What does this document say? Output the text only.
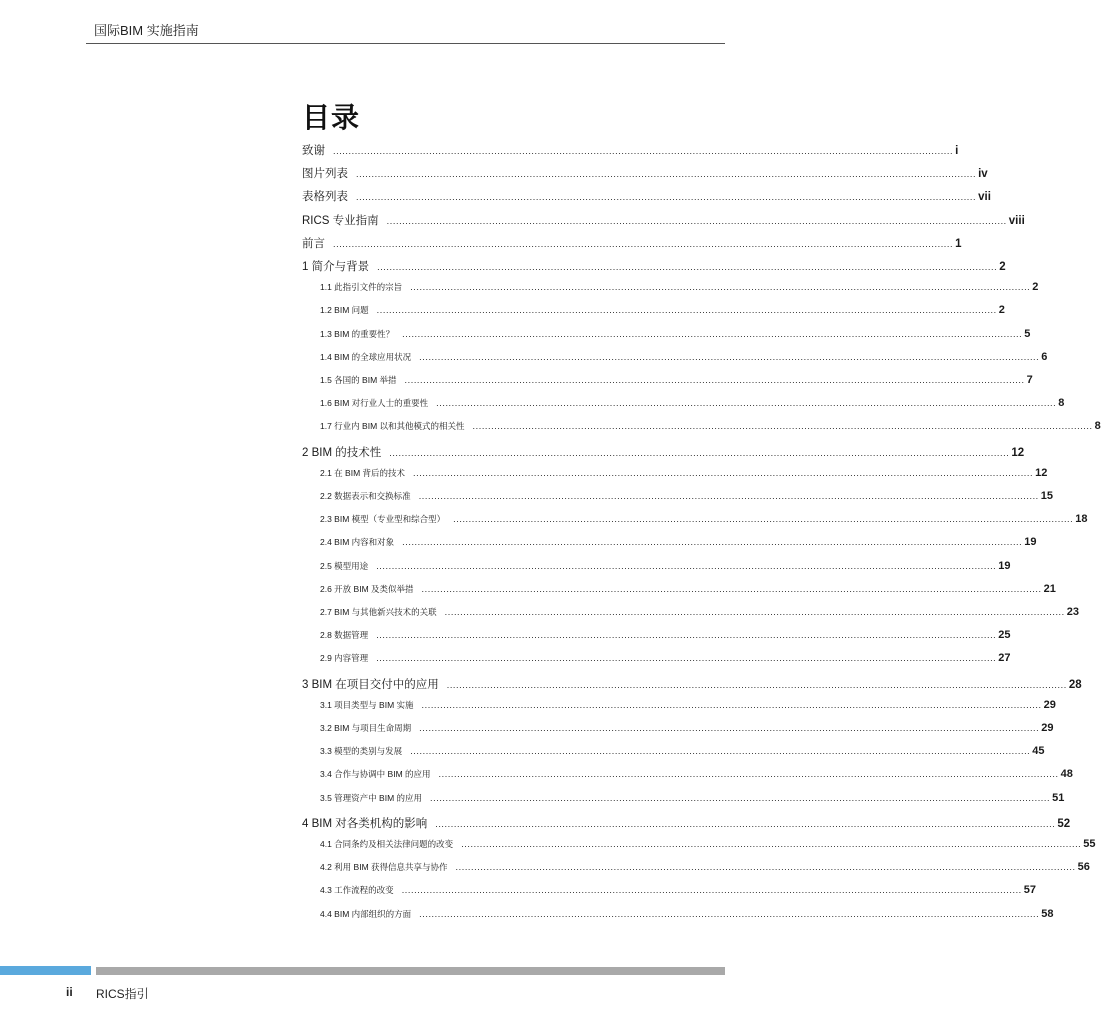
国际BIM 实施指南
目录
致谢 ........................................................................................................................................................................................................ i
图片列表 ........................................................................................................................................................................................................ iv
表格列表 ........................................................................................................................................................................................................ vii
RICS 专业指南 ........................................................................................................................................................................................................ viii
前言 ........................................................................................................................................................................................................ 1
1 简介与背景 ........................................................................................................................................................................................................ 2
1.1 此指引文件的宗旨 ........................................................................................................................................................................................................ 2
1.2 BIM 问题 ........................................................................................................................................................................................................ 2
1.3 BIM 的重要性？ ........................................................................................................................................................................................................ 5
1.4 BIM 的全球应用状况 ........................................................................................................................................................................................................ 6
1.5 各国的 BIM 举措 ........................................................................................................................................................................................................ 7
1.6 BIM 对行业人士的重要性 ........................................................................................................................................................................................................ 8
1.7 行业内 BIM 以和其他模式的相关性 ........................................................................................................................................................................................................ 8
2 BIM 的技术性 ........................................................................................................................................................................................................ 12
2.1 在 BIM 背后的技术 ........................................................................................................................................................................................................ 12
2.2 数据表示和交换标准 ........................................................................................................................................................................................................ 15
2.3 BIM 模型（专业型和综合型） ........................................................................................................................................................................................................ 18
2.4 BIM 内容和对象 ........................................................................................................................................................................................................ 19
2.5 模型用途 ........................................................................................................................................................................................................ 19
2.6 开放 BIM 及类似举措 ........................................................................................................................................................................................................ 21
2.7 BIM 与其他新兴技术的关联 ........................................................................................................................................................................................................ 23
2.8 数据管理 ........................................................................................................................................................................................................ 25
2.9 内容管理 ........................................................................................................................................................................................................ 27
3 BIM 在项目交付中的应用 ........................................................................................................................................................................................................ 28
3.1 项目类型与 BIM 实施 ........................................................................................................................................................................................................ 29
3.2 BIM 与项目生命周期 ........................................................................................................................................................................................................ 29
3.3 模型的类别与发展 ........................................................................................................................................................................................................ 45
3.4 合作与协调中 BIM 的应用 ........................................................................................................................................................................................................ 48
3.5 管理资产中 BIM 的应用 ........................................................................................................................................................................................................ 51
4 BIM 对各类机构的影响 ........................................................................................................................................................................................................ 52
4.1 合同条约及相关法律问题的改变 ........................................................................................................................................................................................................ 55
4.2 利用 BIM 获得信息共享与协作 ........................................................................................................................................................................................................ 56
4.3 工作流程的改变 ........................................................................................................................................................................................................ 57
4.4 BIM 内部组织的方面 ........................................................................................................................................................................................................ 58
ii RICS指引
